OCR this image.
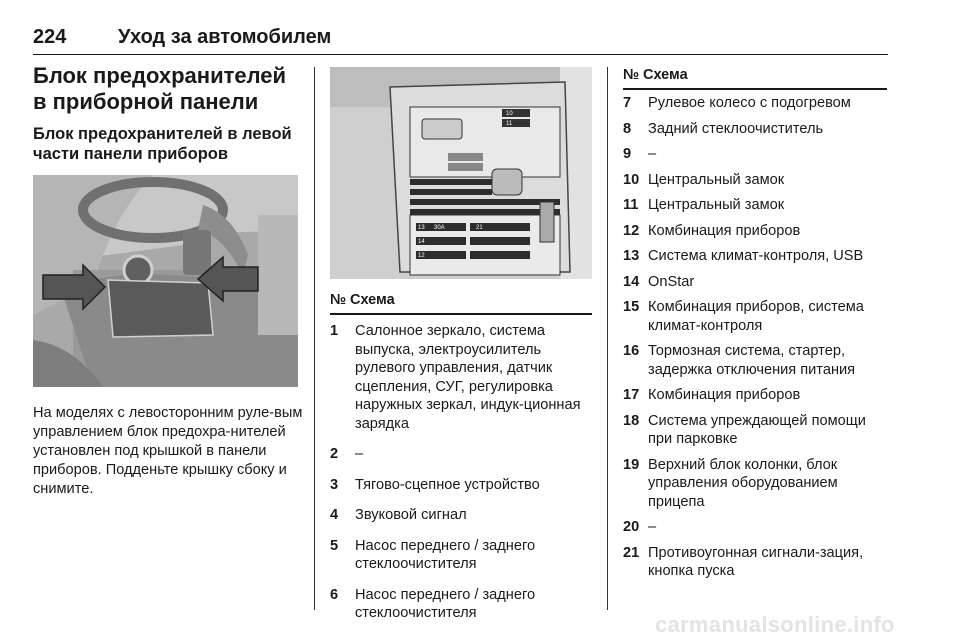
224	Уход за автомобилем
Блок предохранителей в приборной панели
Блок предохранителей в левой части панели приборов
На моделях с левосторонним руле-вым управлением блок предохра-нителей установлен под крышкой в панели приборов. Подденьте крышку сбоку и снимите.
10
11
13 30A
14
21
12
№ Схема
1	Салонное зеркало, система выпуска, электроусилитель рулевого управления, датчик сцепления, СУГ, регулировка наружных зеркал, индук-ционная зарядка
2	–
3	Тягово-сцепное устройство
4	Звуковой сигнал
5	Насос переднего / заднего стеклоочистителя
6	Насос переднего / заднего стеклоочистителя
№ Схема
7	Рулевое колесо с подогревом
8	Задний стеклоочиститель
9	–
10 Центральный замок
11 Центральный замок
12 Комбинация приборов
13 Система климат-контроля, USB
14 OnStar
15 Комбинация приборов, система климат-контроля
16 Тормозная система, стартер, задержка отключения питания
17 Комбинация приборов
18 Система упреждающей помощи при парковке
19 Верхний блок колонки, блок управления оборудованием прицепа
20 –
21 Противоугонная сигнали-зация, кнопка пуска
carmanualsonline.info
